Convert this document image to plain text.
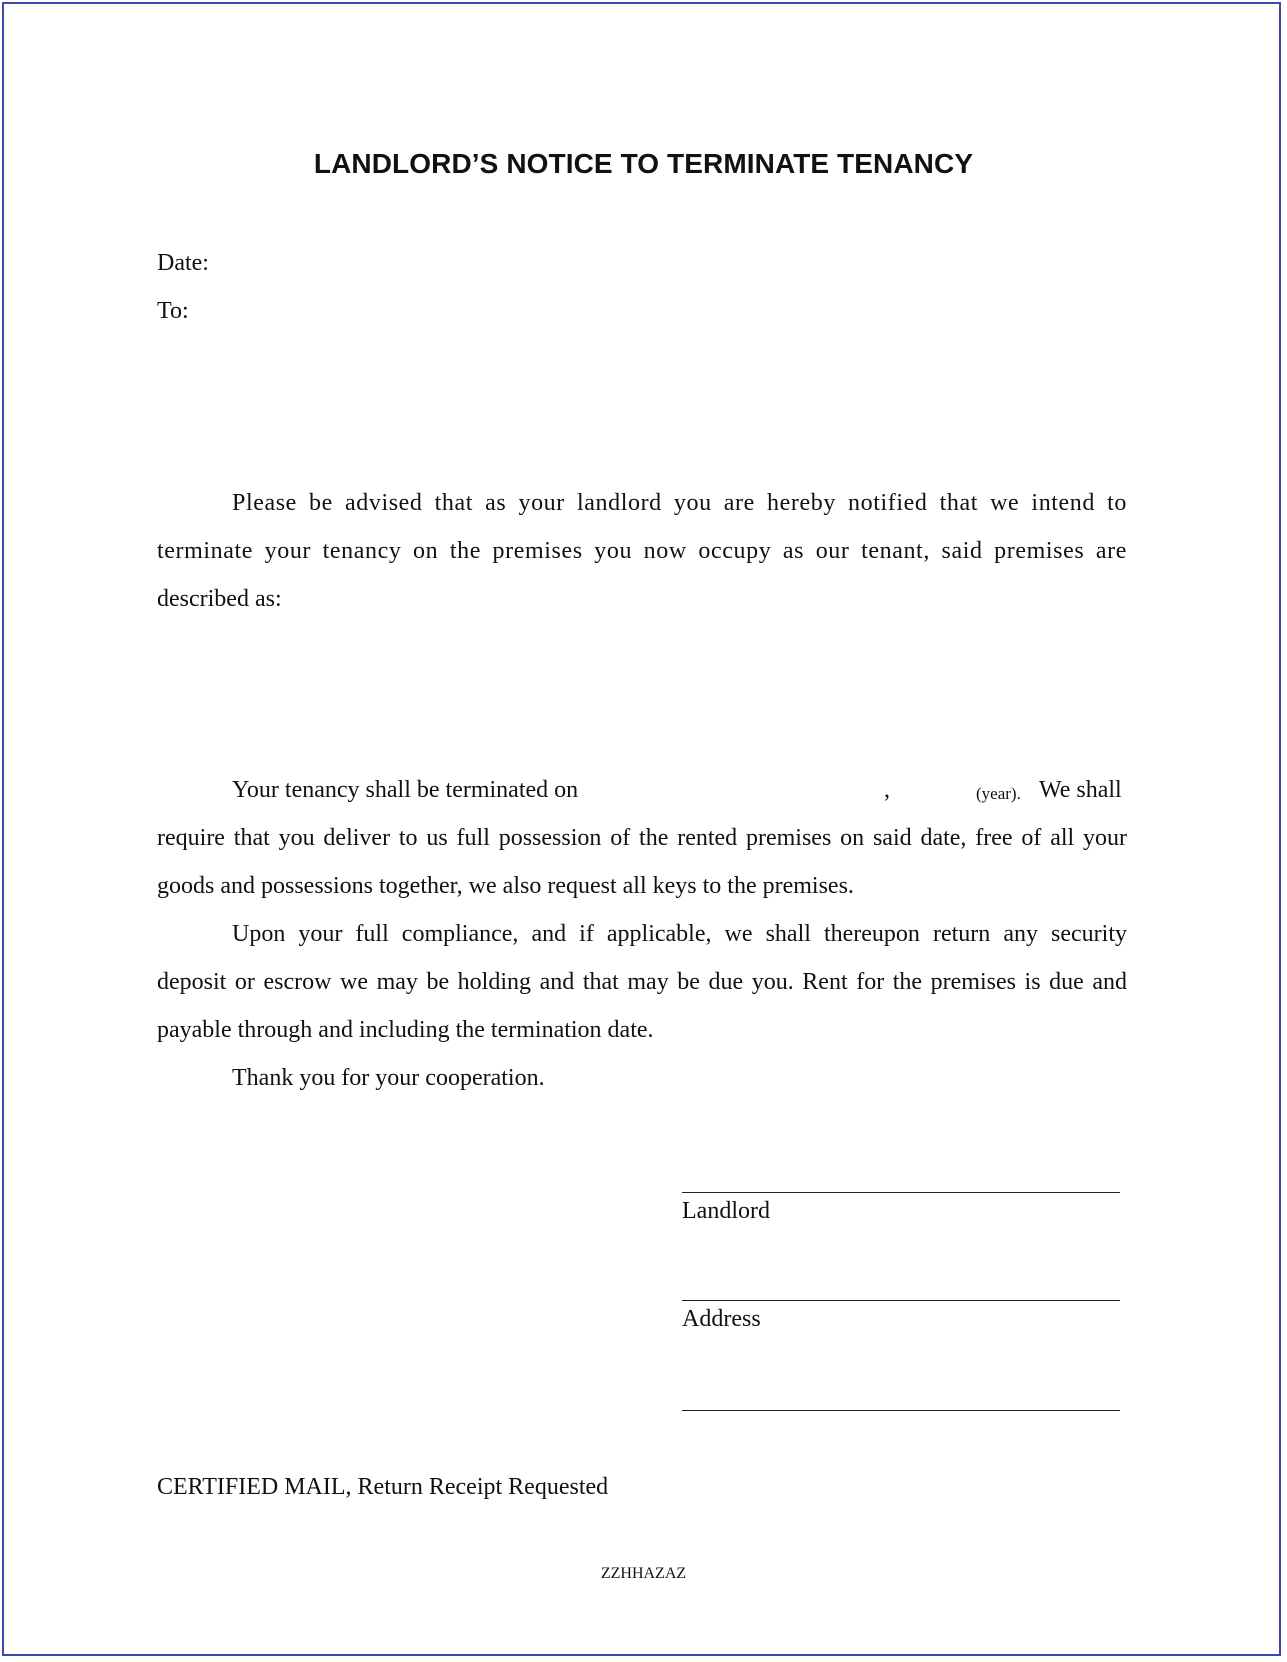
LANDLORD’S NOTICE TO TERMINATE TENANCY
Date:
To:
Please be advised that as your landlord you are hereby notified that we intend to
terminate your tenancy on the premises you now occupy as our tenant, said premises are
described as:
Your tenancy shall be terminated on	,	(year). We shall
require that you deliver to us full possession of the rented premises on said date, free of all your
goods and possessions together, we also request all keys to the premises.
Upon your full compliance, and if applicable, we shall thereupon return any security
deposit or escrow we may be holding and that may be due you. Rent for the premises is due and
payable through and including the termination date.
Thank you for your cooperation.
Landlord
Address
CERTIFIED MAIL, Return Receipt Requested
ZZHHAZAZ
